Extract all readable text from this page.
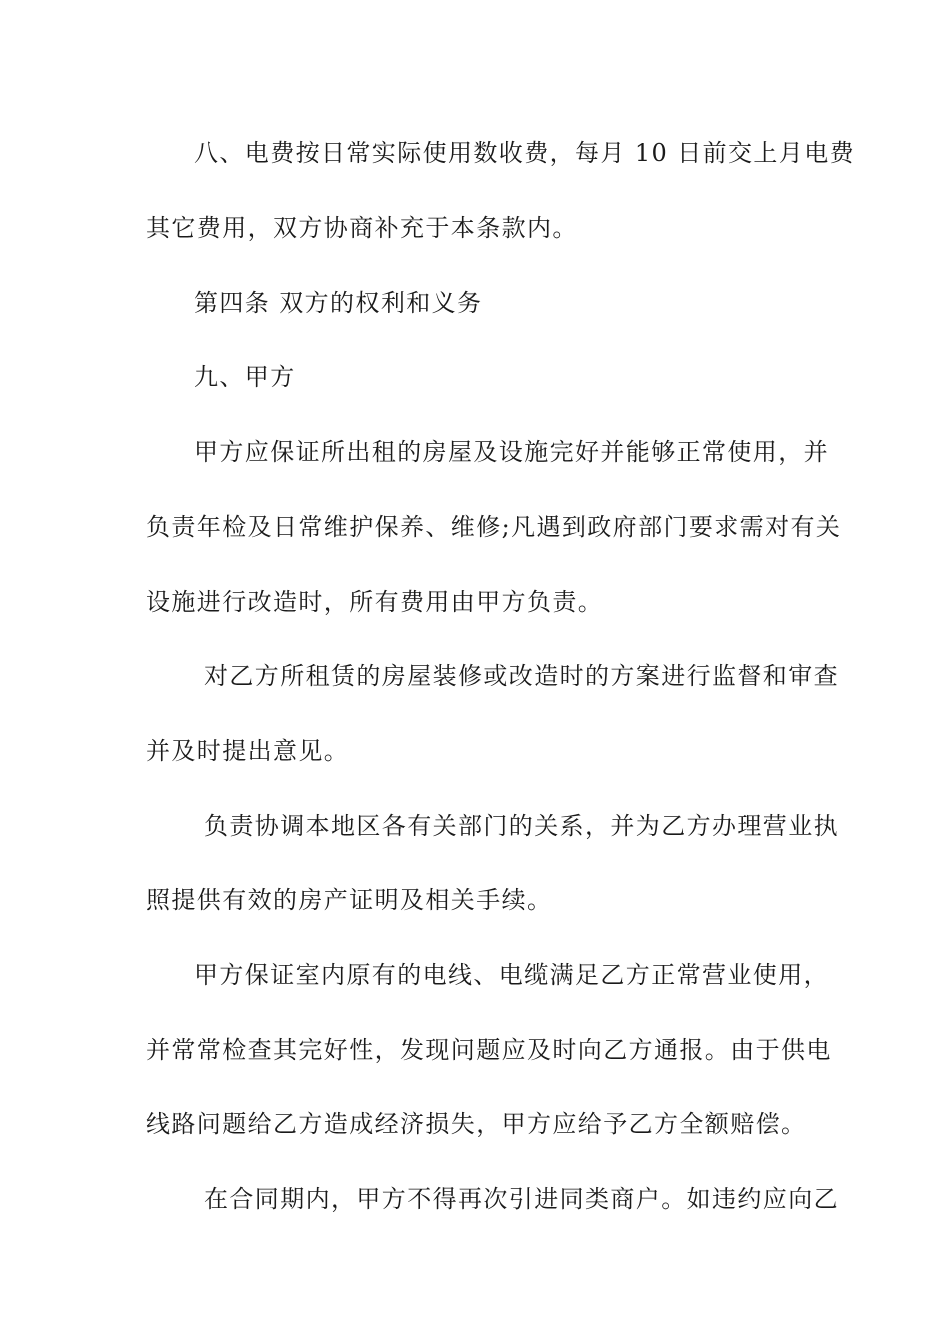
八、电费按日常实际使用数收费，每月 10 日前交上月电费
其它费用，双方协商补充于本条款内。
第四条 双方的权利和义务
九、甲方
甲方应保证所出租的房屋及设施完好并能够正常使用，并
负责年检及日常维护保养、维修;凡遇到政府部门要求需对有关
设施进行改造时，所有费用由甲方负责。
对乙方所租赁的房屋装修或改造时的方案进行监督和审查
并及时提出意见。
负责协调本地区各有关部门的关系，并为乙方办理营业执
照提供有效的房产证明及相关手续。
甲方保证室内原有的电线、电缆满足乙方正常营业使用，
并常常检查其完好性，发现问题应及时向乙方通报。由于供电
线路问题给乙方造成经济损失，甲方应给予乙方全额赔偿。
在合同期内，甲方不得再次引进同类商户。如违约应向乙
